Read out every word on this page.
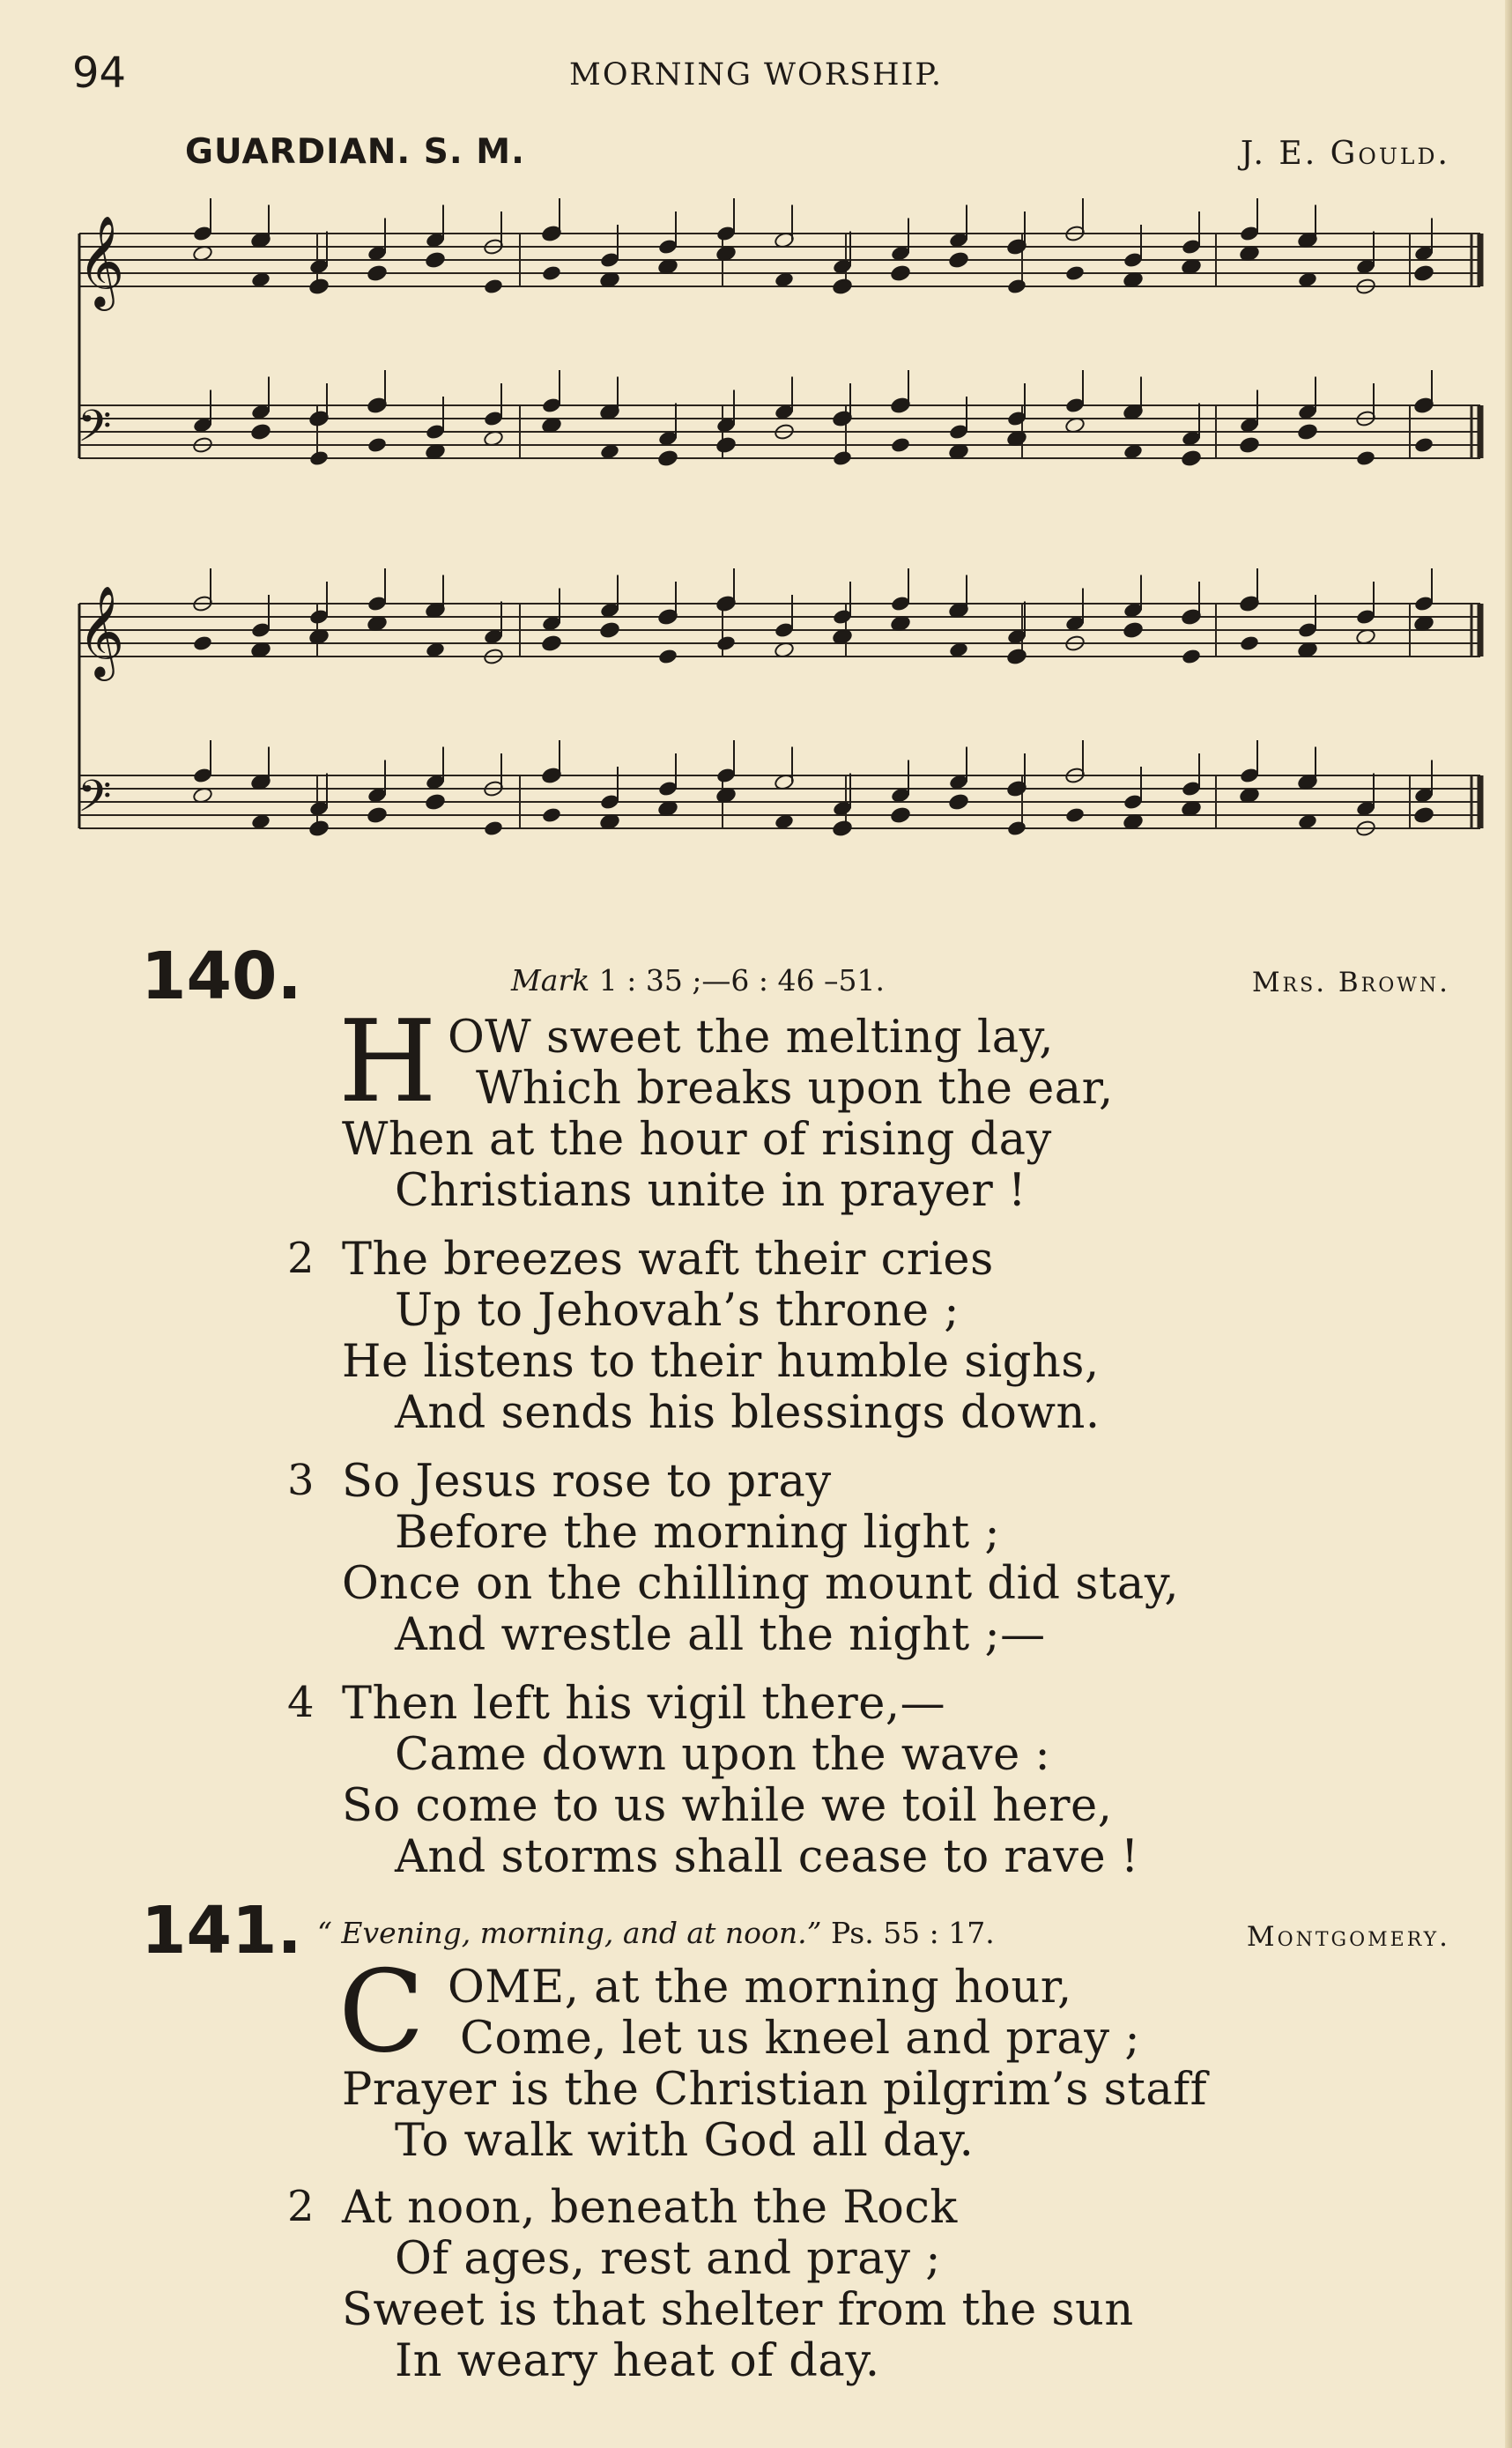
94	MORNING WORSHIP.
GUARDIAN. S. M.	J. E. Gould.
𝄞
𝄢
𝄞
𝄢
140.	Mark 1 : 35 ;—6 : 46 –51.	Mrs. Brown.
H OW sweet the melting lay,
Which breaks upon the ear,
When at the hour of rising day
Christians unite in prayer !
2 The breezes waft their cries
Up to Jehovah’s throne ;
He listens to their humble sighs,
And sends his blessings down.
3 So Jesus rose to pray
Before the morning light ;
Once on the chilling mount did stay,
And wrestle all the night ;—
4 Then left his vigil there,—
Came down upon the wave :
So come to us while we toil here,
And storms shall cease to rave !
141. “ Evening, morning, and at noon.” Ps. 55 : 17.	Montgomery.
C OME, at the morning hour,
Come, let us kneel and pray ;
Prayer is the Christian pilgrim’s staff
To walk with God all day.
2 At noon, beneath the Rock
Of ages, rest and pray ;
Sweet is that shelter from the sun
In weary heat of day.
